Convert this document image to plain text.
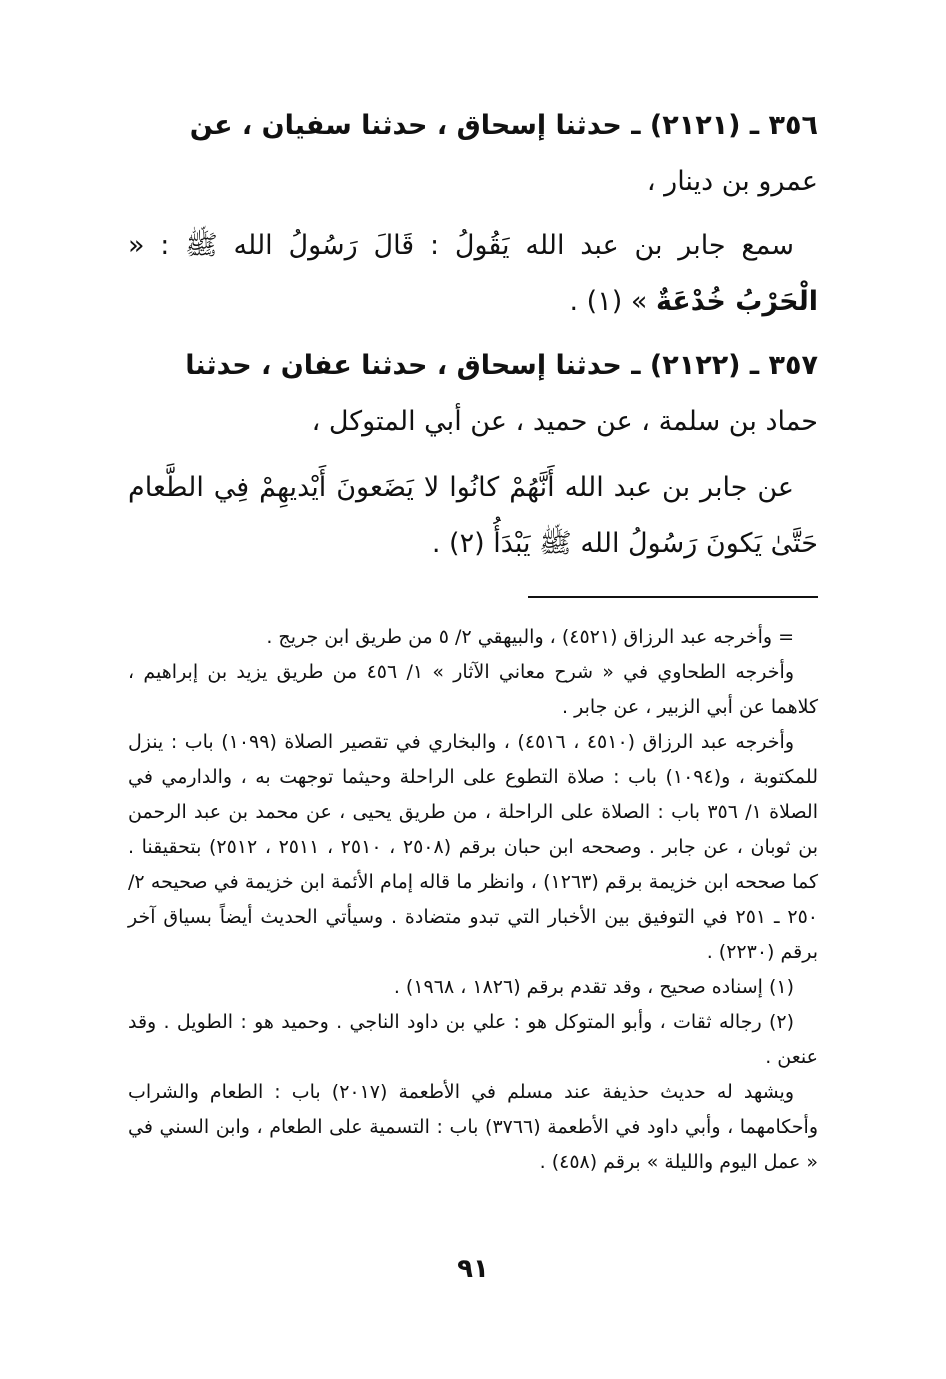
٣٥٦ ـ (٢١٢١) ـ حدثنا إسحاق ، حدثنا سفيان ، عن
عمرو بن دينار ،
سمع جابر بن عبد الله يَقُولُ : قَالَ رَسُولُ الله ﷺ : « الْحَرْبُ خُدْعَةٌ » (١) .
٣٥٧ ـ (٢١٢٢) ـ حدثنا إسحاق ، حدثنا عفان ، حدثنا
حماد بن سلمة ، عن حميد ، عن أبي المتوكل ،
عن جابر بن عبد الله أَنَّهُمْ كانُوا لا يَضَعونَ أَيْديهِمْ فِي الطَّعام حَتَّىٰ يَكونَ رَسُولُ الله ﷺ يَبْدَأُ (٢) .

= وأخرجه عبد الرزاق (٤٥٢١) ، والبيهقي ٢/ ٥ من طريق ابن جريج .

وأخرجه الطحاوي في « شرح معاني الآثار » ١/ ٤٥٦ من طريق يزيد بن إبراهيم ، كلاهما عن أبي الزبير ، عن جابر .

وأخرجه عبد الرزاق (٤٥١٠ ، ٤٥١٦) ، والبخاري في تقصير الصلاة (١٠٩٩) باب : ينزل للمكتوبة ، و(١٠٩٤) باب : صلاة التطوع على الراحلة وحيثما توجهت به ، والدارمي في الصلاة ١/ ٣٥٦ باب : الصلاة على الراحلة ، من طريق يحيى ، عن محمد بن عبد الرحمن بن ثوبان ، عن جابر . وصححه ابن حبان برقم (٢٥٠٨ ، ٢٥١٠ ، ٢٥١١ ، ٢٥١٢) بتحقيقنا . كما صححه ابن خزيمة برقم (١٢٦٣) ، وانظر ما قاله إمام الأئمة ابن خزيمة في صحيحه ٢/ ٢٥٠ ـ ٢٥١ في التوفيق بين الأخبار التي تبدو متضادة . وسيأتي الحديث أيضاً بسياق آخر برقم (٢٢٣٠) .

(١) إسناده صحيح ، وقد تقدم برقم (١٨٢٦ ، ١٩٦٨) .

(٢) رجاله ثقات ، وأبو المتوكل هو : علي بن داود الناجي . وحميد هو : الطويل . وقد عنعن .

ويشهد له حديث حذيفة عند مسلم في الأطعمة (٢٠١٧) باب : الطعام والشراب وأحكامهما ، وأبي داود في الأطعمة (٣٧٦٦) باب : التسمية على الطعام ، وابن السني في « عمل اليوم والليلة » برقم (٤٥٨) .

٩١
